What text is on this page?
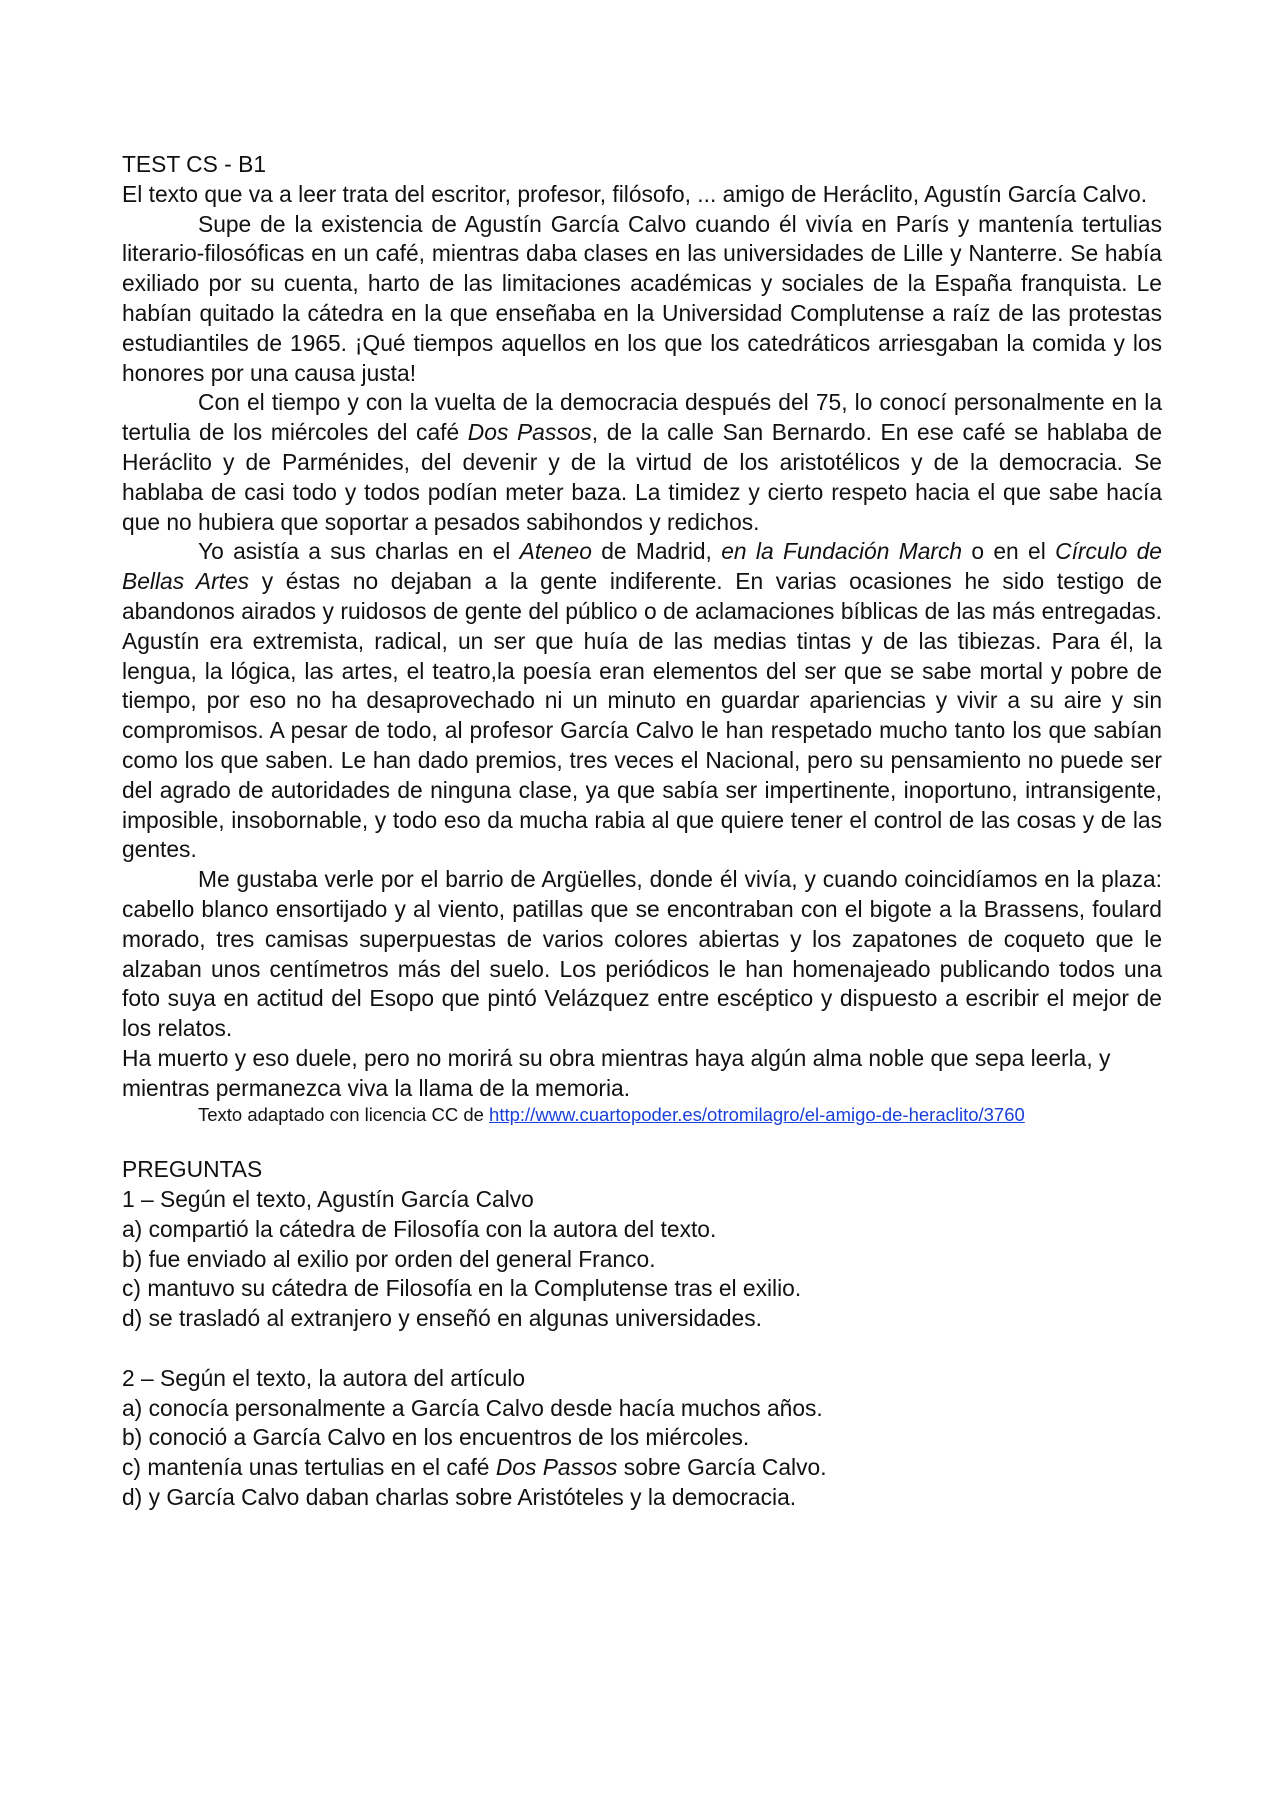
TEST CS - B1

El texto que va a leer trata del escritor, profesor, filósofo, ... amigo de Heráclito, Agustín García Calvo.

Supe de la existencia de Agustín García Calvo cuando él vivía en París y mantenía tertulias literario-filosóficas en un café, mientras daba clases en las universidades de Lille y Nanterre. Se había exiliado por su cuenta, harto de las limitaciones académicas y sociales de la España franquista. Le habían quitado la cátedra en la que enseñaba en la Universidad Complutense a raíz de las protestas estudiantiles de 1965. ¡Qué tiempos aquellos en los que los catedráticos arriesgaban la comida y los honores por una causa justa!

Con el tiempo y con la vuelta de la democracia después del 75, lo conocí personalmente en la tertulia de los miércoles del café Dos Passos, de la calle San Bernardo. En ese café se hablaba de Heráclito y de Parménides, del devenir y de la virtud de los aristotélicos y de la democracia. Se hablaba de casi todo y todos podían meter baza. La timidez y cierto respeto hacia el que sabe hacía que no hubiera que soportar a pesados sabihondos y redichos.

Yo asistía a sus charlas en el Ateneo de Madrid, en la Fundación March o en el Círculo de Bellas Artes y éstas no dejaban a la gente indiferente. En varias ocasiones he sido testigo de abandonos airados y ruidosos de gente del público o de aclamaciones bíblicas de las más entregadas. Agustín era extremista, radical, un ser que huía de las medias tintas y de las tibiezas. Para él, la lengua, la lógica, las artes, el teatro,la poesía eran elementos del ser que se sabe mortal y pobre de tiempo, por eso no ha desaprovechado ni un minuto en guardar apariencias y vivir a su aire y sin compromisos. A pesar de todo, al profesor García Calvo le han respetado mucho tanto los que sabían como los que saben. Le han dado premios, tres veces el Nacional, pero su pensamiento no puede ser del agrado de autoridades de ninguna clase, ya que sabía ser impertinente, inoportuno, intransigente, imposible, insobornable, y todo eso da mucha rabia al que quiere tener el control de las cosas y de las gentes.

Me gustaba verle por el barrio de Argüelles, donde él vivía, y cuando coincidíamos en la plaza: cabello blanco ensortijado y al viento, patillas que se encontraban con el bigote a la Brassens, foulard morado, tres camisas superpuestas de varios colores abiertas y los zapatones de coqueto que le alzaban unos centímetros más del suelo. Los periódicos le han homenajeado publicando todos una foto suya en actitud del Esopo que pintó Velázquez entre escéptico y dispuesto a escribir el mejor de los relatos.

Ha muerto y eso duele, pero no morirá su obra mientras haya algún alma noble que sepa leerla, y mientras permanezca viva la llama de la memoria.

Texto adaptado con licencia CC de http://www.cuartopoder.es/otromilagro/el-amigo-de-heraclito/3760

PREGUNTAS

1 – Según el texto, Agustín García Calvo

a) compartió la cátedra de Filosofía con la autora del texto.
b) fue enviado al exilio por orden del general Franco.
c) mantuvo su cátedra de Filosofía en la Complutense tras el exilio.
d) se trasladó al extranjero y enseñó en algunas universidades.

2 – Según el texto, la autora del artículo

a) conocía personalmente a García Calvo desde hacía muchos años.
b) conoció a García Calvo en los encuentros de los miércoles.
c) mantenía unas tertulias en el café Dos Passos sobre García Calvo.
d) y García Calvo daban charlas sobre Aristóteles y la democracia.
